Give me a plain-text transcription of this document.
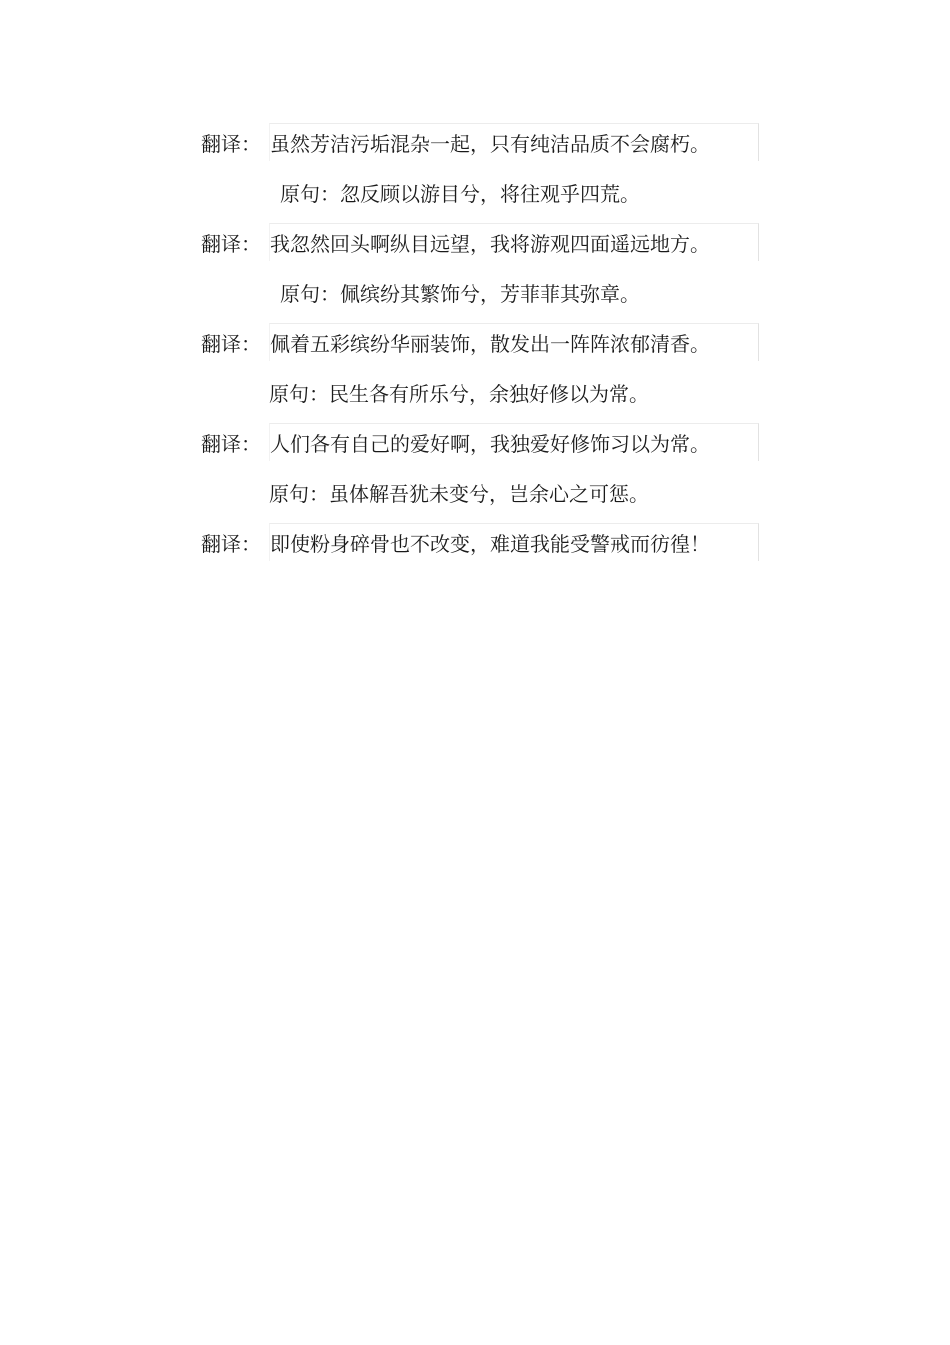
翻译： 虽然芳洁污垢混杂一起，只有纯洁品质不会腐朽。
原句：忽反顾以游目兮，将往观乎四荒。
翻译： 我忽然回头啊纵目远望，我将游观四面遥远地方。
原句：佩缤纷其繁饰兮，芳菲菲其弥章。
翻译： 佩着五彩缤纷华丽装饰，散发出一阵阵浓郁清香。
原句：民生各有所乐兮，余独好修以为常。
翻译： 人们各有自己的爱好啊，我独爱好修饰习以为常。
原句：虽体解吾犹未变兮，岂余心之可惩。
翻译： 即使粉身碎骨也不改变，难道我能受警戒而彷徨！
